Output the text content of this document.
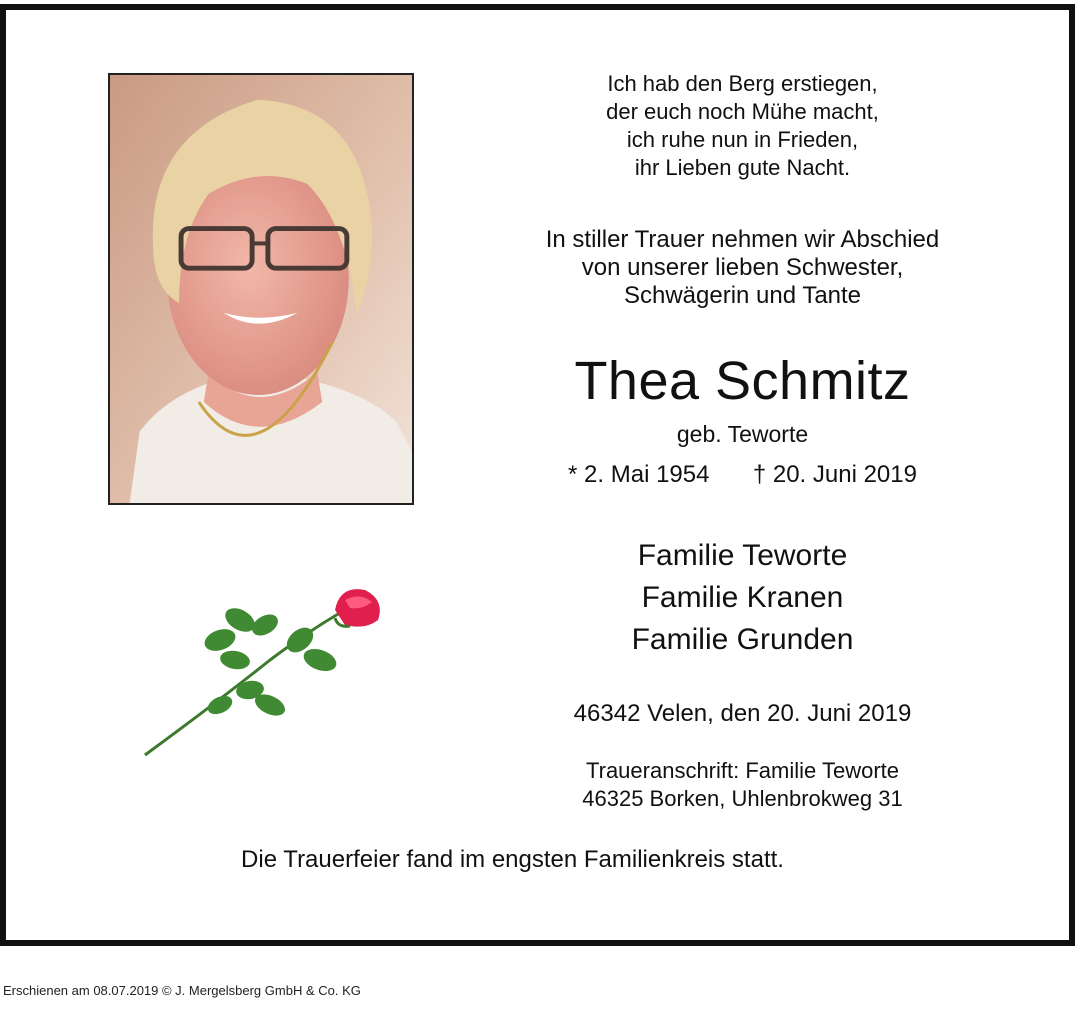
Ich hab den Berg erstiegen,
der euch noch Mühe macht,
ich ruhe nun in Frieden,
ihr Lieben gute Nacht.
In stiller Trauer nehmen wir Abschied
von unserer lieben Schwester,
Schwägerin und Tante
Thea Schmitz
geb. Teworte
* 2. Mai 1954 † 20. Juni 2019
Familie Teworte
Familie Kranen
Familie Grunden
46342 Velen, den 20. Juni 2019
Traueranschrift: Familie Teworte
46325 Borken, Uhlenbrokweg 31
Die Trauerfeier fand im engsten Familienkreis statt.
Erschienen am 08.07.2019 © J. Mergelsberg GmbH & Co. KG
